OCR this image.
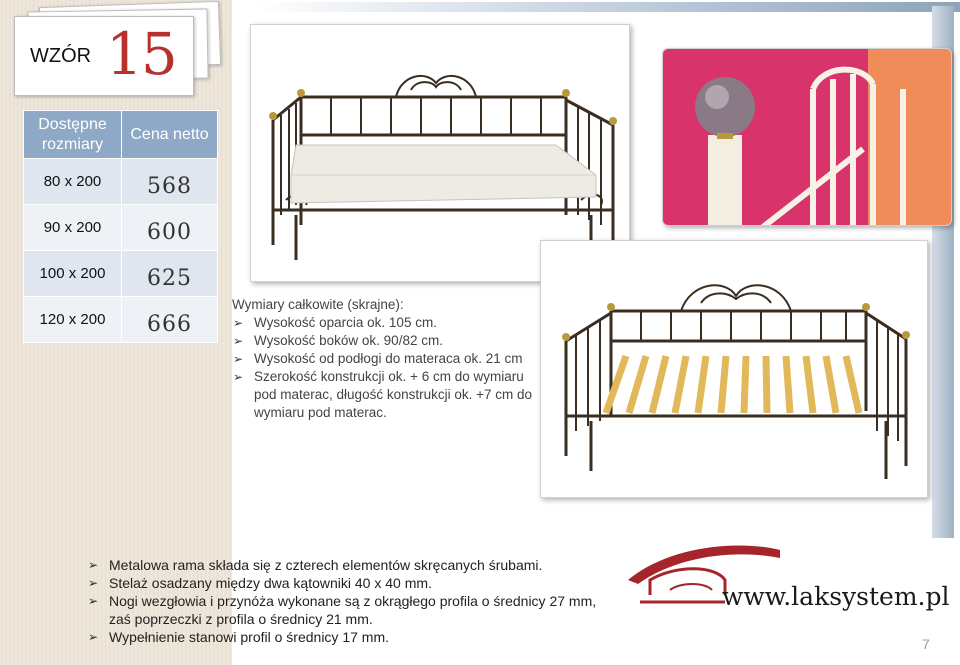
WZÓR 15
Dostępne rozmiary	Cena netto
80 x 200	568
90 x 200	600
100 x 200	625
120 x 200	666
Wymiary całkowite (skrajne):
➢ Wysokość oparcia ok. 105 cm.
➢ Wysokość boków ok. 90/82 cm.
➢ Wysokość od podłogi do materaca ok. 21 cm
➢ Szerokość konstrukcji ok. + 6 cm do wymiaru pod materac, długość konstrukcji ok. +7 cm do wymiaru pod materac.
➢ Metalowa rama składa się z czterech elementów skręcanych śrubami.
➢ Stelaż osadzany między dwa kątowniki 40 x 40 mm.
➢ Nogi wezgłowia i przynóża wykonane są z okrągłego profila o średnicy 27 mm, zaś poprzeczki z profila o średnicy 21 mm.
➢ Wypełnienie stanowi profil o średnicy 17 mm.
www.laksystem.pl
7
